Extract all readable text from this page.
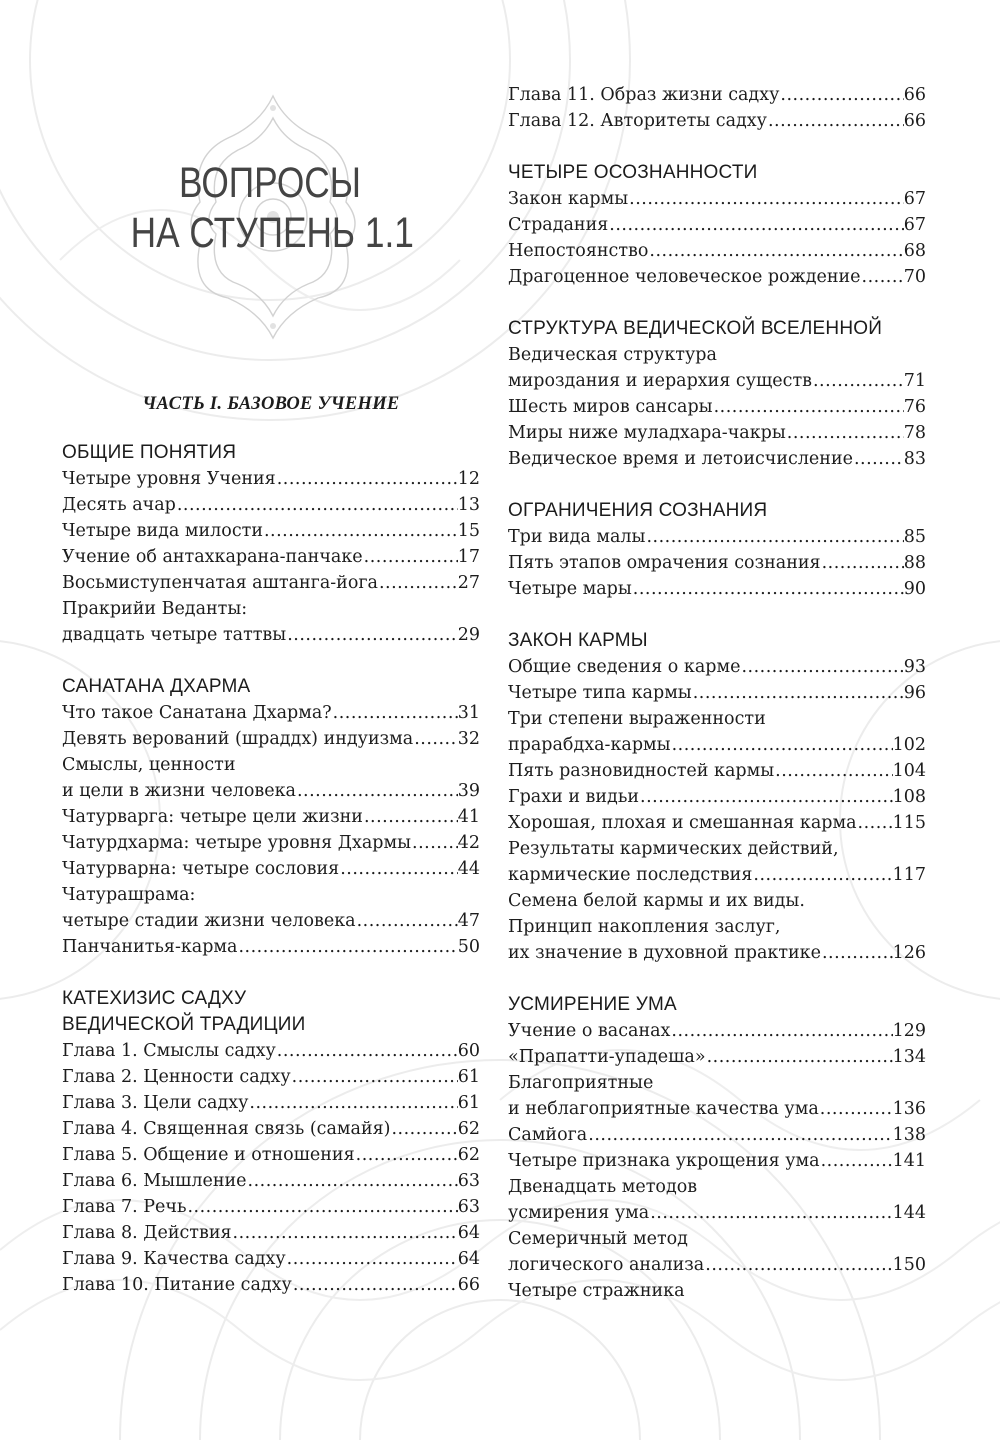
ВОПРОСЫ
НА СТУПЕНЬ 1.1
ЧАСТЬ I. БАЗОВОЕ УЧЕНИЕ
ОБЩИЕ ПОНЯТИЯ
Четыре уровня Учения .....	12
Десять ачар .....	13
Четыре вида милости .....	15
Учение об антахкарана-панчаке .....	17
Восьмиступенчатая аштанга-йога .....	27
Пракрийи Веданты:
двадцать четыре таттвы .....	29
САНАТАНА ДХАРМА
Что такое Санатана Дхарма? .....	31
Девять верований (шраддх) индуизма .....	32
Смыслы, ценности
и цели в жизни человека .....	39
Чатурварга: четыре цели жизни .....	41
Чатурдхарма: четыре уровня Дхармы .....	42
Чатурварна: четыре сословия .....	44
Чатурашрама:
четыре стадии жизни человека .....	47
Панчанитья-карма .....	50
КАТЕХИЗИС САДХУ
ВЕДИЧЕСКОЙ ТРАДИЦИИ
Глава 1. Смыслы садху .....	60
Глава 2. Ценности садху .....	61
Глава 3. Цели садху .....	61
Глава 4. Священная связь (самайя) .....	62
Глава 5. Общение и отношения .....	62
Глава 6. Мышление .....	63
Глава 7. Речь .....	63
Глава 8. Действия .....	64
Глава 9. Качества садху .....	64
Глава 10. Питание садху .....	66
Глава 11. Образ жизни садху .....	66
Глава 12. Авторитеты садху .....	66
ЧЕТЫРЕ ОСОЗНАННОСТИ
Закон кармы .....	67
Страдания .....	67
Непостоянство .....	68
Драгоценное человеческое рождение ..... 70
СТРУКТУРА ВЕДИЧЕСКОЙ ВСЕЛЕННОЙ
Ведическая структура
мироздания и иерархия существ .....	71
Шесть миров сансары .....	76
Миры ниже муладхара-чакры .....	78
Ведическое время и летоисчисление .....	83
ОГРАНИЧЕНИЯ СОЗНАНИЯ
Три вида малы .....	85
Пять этапов омрачения сознания .....	88
Четыре мары .....	90
ЗАКОН КАРМЫ
Общие сведения о карме .....	93
Четыре типа кармы .....	96
Три степени выраженности
прарабдха-кармы .....	102
Пять разновидностей кармы .....	104
Грахи и видьи .....	108
Хорошая, плохая и смешанная карма ..... 115
Результаты кармических действий,
кармические последствия .....	117
Семена белой кармы и их виды.
Принцип накопления заслуг,
их значение в духовной практике .....	126
УСМИРЕНИЕ УМА
Учение о васанах .....	129
«Прапатти-упадеша» .....	134
Благоприятные
и неблагоприятные качества ума .....	136
Самйога .....	138
Четыре признака укрощения ума .....	141
Двенадцать методов
усмирения ума .....	144
Семеричный метод
логического анализа .....	150
Четыре стражника
